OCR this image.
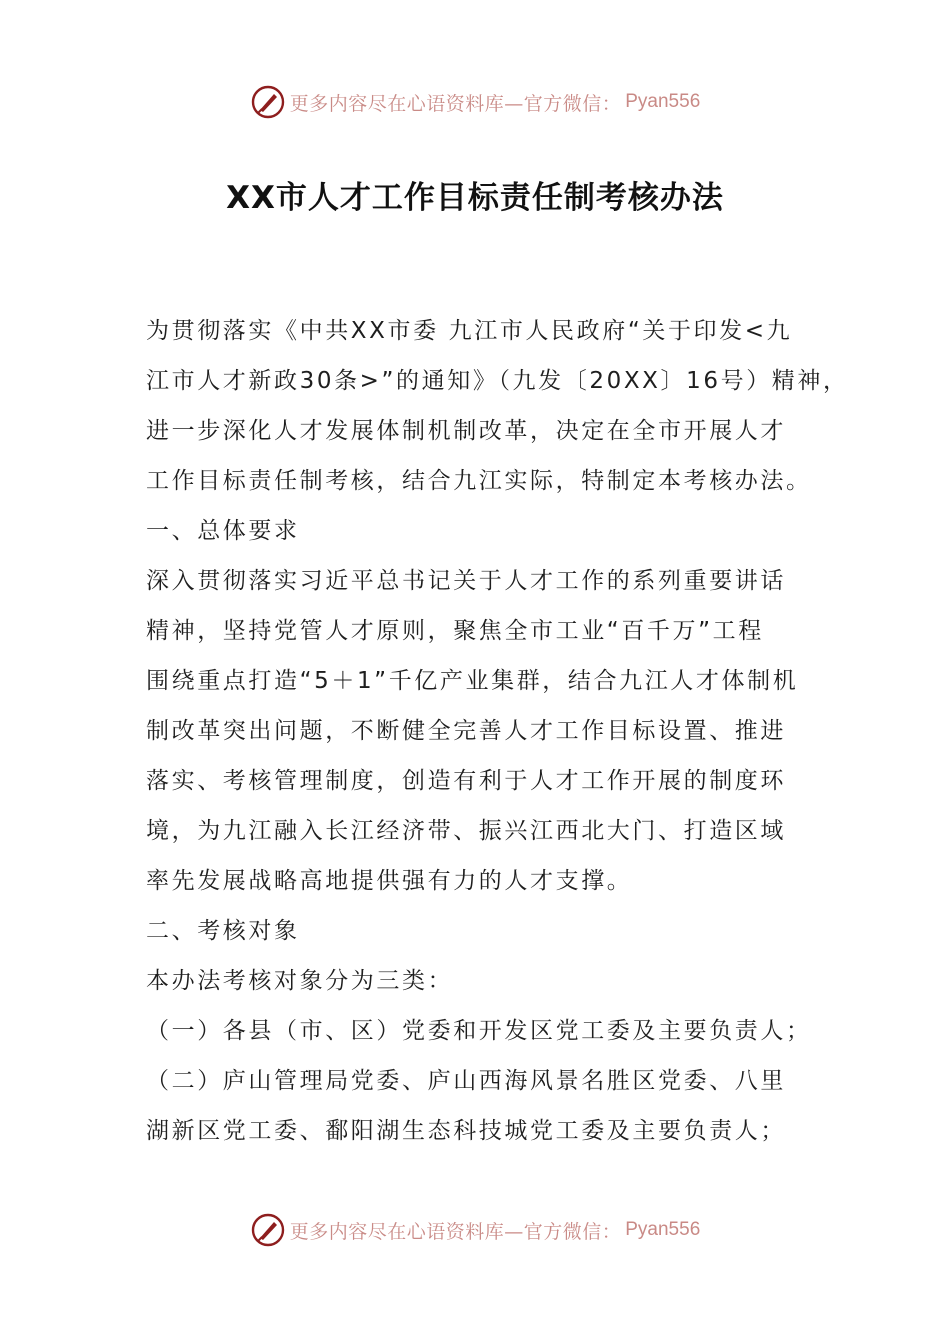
更多内容尽在心语资料库—官方微信： Pyan556
XX市人才工作目标责任制考核办法
为贯彻落实《中共XX市委 九江市人民政府“关于印发<九
江市人才新政30条>”的通知》（九发〔20XX〕16号）精神，
进一步深化人才发展体制机制改革，决定在全市开展人才
工作目标责任制考核，结合九江实际，特制定本考核办法。
一、总体要求
深入贯彻落实习近平总书记关于人才工作的系列重要讲话
精神，坚持党管人才原则，聚焦全市工业“百千万”工程
围绕重点打造“5＋1”千亿产业集群，结合九江人才体制机
制改革突出问题，不断健全完善人才工作目标设置、推进
落实、考核管理制度，创造有利于人才工作开展的制度环
境，为九江融入长江经济带、振兴江西北大门、打造区域
率先发展战略高地提供强有力的人才支撑。
二、考核对象
本办法考核对象分为三类：
（一）各县（市、区）党委和开发区党工委及主要负责人；
（二）庐山管理局党委、庐山西海风景名胜区党委、八里
湖新区党工委、鄱阳湖生态科技城党工委及主要负责人；
更多内容尽在心语资料库—官方微信： Pyan556
